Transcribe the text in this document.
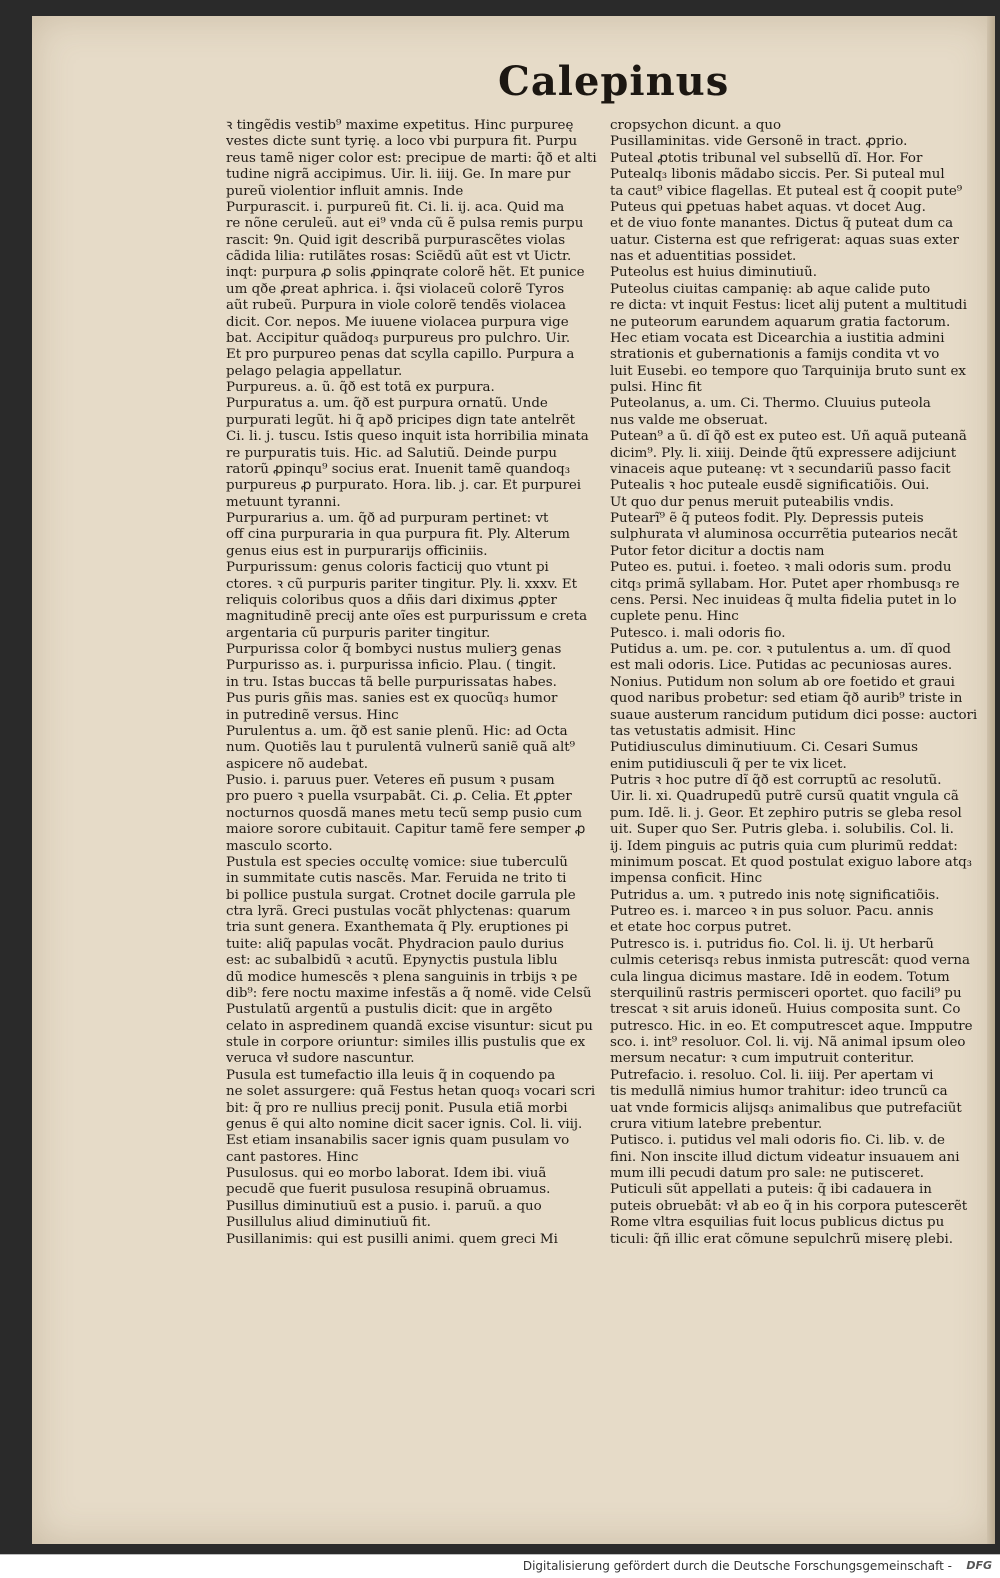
Calepinus
ꝛ tingẽdis vestib⁹ maxime expetitus. Hinc purpureę
vestes dicte sunt tyrię. a loco vbi purpura fit. Purpu
reus tamẽ niger color est: precipue de marti: q̃ð et alti
tudine nigrã accipimus. Uir. li. iiij. Ge. In mare pur
pureũ violentior influit amnis. Inde
Purpurascit. i. purpureũ fit. Ci. li. ij. aca. Quid ma
re nõne ceruleũ. aut ei⁹ vnda cũ ẽ pulsa remis purpu
rascit: Ꝯn. Quid igit describã purpurascẽtes violas
cãdida lilia: rutilãtes rosas: Sciẽdũ aũt est vt Uictr.
inqt: purpura ꝓ solis ꝓpinqrate colorẽ hẽt. Et punice
um qðe ꝓreat aphrica. i. q̃si violaceũ colorẽ Tyros
aũt rubeũ. Purpura in viole colorẽ tendẽs violacea
dicit. Cor. nepos. Me iuuene violacea purpura vige
bat. Accipitur quãdoq₃ purpureus pro pulchro. Uir.
Et pro purpureo penas dat scylla capillo. Purpura a
pelago pelagia appellatur.
Purpureus. a. ũ. q̃ð est totã ex purpura.
Purpuratus a. um. q̃ð est purpura ornatũ. Unde
purpurati legũt. hi q̃ apð pricipes dign tate antelrẽt
Ci. li. j. tuscu. Istis queso inquit ista horribilia minata
re purpuratis tuis. Hic. ad Salutiũ. Deinde purpu
ratorũ ꝓpinqu⁹ socius erat. Inuenit tamẽ quandoq₃
purpureus ꝓ purpurato. Hora. lib. j. car. Et purpurei
metuunt tyranni.
Purpurarius a. um. q̃ð ad purpuram pertinet: vt
off cina purpuraria in qua purpura fit. Ply. Alterum
genus eius est in purpurarijs officiniis.
Purpurissum: genus coloris facticij quo vtunt pi
ctores. ꝛ cũ purpuris pariter tingitur. Ply. li. xxxv. Et
reliquis coloribus quos a dñis dari diximus ꝓpter
magnitudinẽ precij ante oĩes est purpurissum e creta
argentaria cũ purpuris pariter tingitur.
Purpurissa color q̃ bombyci nustus mulierꝫ genas
Purpurisso as. i. purpurissa inficio. Plau. ( tingit.
in tru. Istas buccas tã belle purpurissatas habes.
Pus puris gñis mas. sanies est ex quocũq₃ humor
in putredinẽ versus. Hinc
Purulentus a. um. q̃ð est sanie plenũ. Hic: ad Octa
num. Quotiẽs lau t purulentã vulnerũ saniẽ quã alt⁹
aspicere nõ audebat.
Pusio. i. paruus puer. Veteres eñ pusum ꝛ pusam
pro puero ꝛ puella vsurpabãt. Ci. ꝓ. Celia. Et ꝓpter
nocturnos quosdã manes metu tecũ semp pusio cum
maiore sorore cubitauit. Capitur tamẽ fere semper ꝓ
masculo scorto.
Pustula est species occultę vomice: siue tuberculũ
in summitate cutis nascẽs. Mar. Feruida ne trito ti
bi pollice pustula surgat. Crotnet docile garrula ple
ctra lyrã. Greci pustulas vocãt phlyctenas: quarum
tria sunt genera. Exanthemata q̃ Ply. eruptiones pi
tuite: aliq̃ papulas vocãt. Phydracion paulo durius
est: ac subalbidũ ꝛ acutũ. Epynyctis pustula liblu
dũ modice humescẽs ꝛ plena sanguinis in trbijs ꝛ pe
dib⁹: fere noctu maxime infestãs a q̃ nomẽ. vide Celsũ
Pustulatũ argentũ a pustulis dicit: que in argẽto
celato in aspredinem quandã excise visuntur: sicut pu
stule in corpore oriuntur: similes illis pustulis que ex
veruca vł sudore nascuntur.
Pusula est tumefactio illa leuis q̃ in coquendo pa
ne solet assurgere: quã Festus hetan quoq₃ vocari scri
bit: q̃ pro re nullius precij ponit. Pusula etiã morbi
genus ẽ qui alto nomine dicit sacer ignis. Col. li. viij.
Est etiam insanabilis sacer ignis quam pusulam vo
cant pastores. Hinc
Pusulosus. qui eo morbo laborat. Idem ibi. viuã
pecudẽ que fuerit pusulosa resupinã obruamus.
Pusillus diminutiuũ est a pusio. i. paruũ. a quo
Pusillulus aliud diminutiuũ fit.
Pusillanimis: qui est pusilli animi. quem greci Mi
cropsychon dicunt. a quo
Pusillaminitas. vide Gersonẽ in tract. ꝓprio.
Puteal ꝓtotis tribunal vel subsellũ dĩ. Hor. For
Putealq₃ libonis mãdabo siccis. Per. Si puteal mul
ta caut⁹ vibice flagellas. Et puteal est q̃ coopit pute⁹
Puteus qui ꝑpetuas habet aquas. vt docet Aug.
et de viuo fonte manantes. Dictus q̃ puteat dum ca
uatur. Cisterna est que refrigerat: aquas suas exter
nas et aduentitias possidet.
Puteolus est huius diminutiuũ.
Puteolus ciuitas campanię: ab aque calide puto
re dicta: vt inquit Festus: licet alij putent a multitudi
ne puteorum earundem aquarum gratia factorum.
Hec etiam vocata est Dicearchia a iustitia admini
strationis et gubernationis a famijs condita vt vo
luit Eusebi. eo tempore quo Tarquinija bruto sunt ex
pulsi. Hinc fit
Puteolanus, a. um. Ci. Thermo. Cluuius puteola
nus valde me obseruat.
Putean⁹ a ũ. dĩ q̃ð est ex puteo est. Uñ aquã puteanã
dicim⁹. Ply. li. xiiij. Deinde q̃tũ expressere adijciunt
vinaceis aque puteanę: vt ꝛ secundariũ passo facit
Putealis ꝛ hoc puteale eusdẽ significatiõis. Oui.
Ut quo dur penus meruit puteabilis vndis.
Putearĩ⁹ ẽ q̃ puteos fodit. Ply. Depressis puteis
sulphurata vł aluminosa occurrẽtia putearios necãt
Putor fetor dicitur a doctis nam
Puteo es. putui. i. foeteo. ꝛ mali odoris sum. produ
citq₃ primã syllabam. Hor. Putet aper rhombusq₃ re
cens. Persi. Nec inuideas q̃ multa fidelia putet in lo
cuplete penu. Hinc
Putesco. i. mali odoris fio.
Putidus a. um. pe. cor. ꝛ putulentus a. um. dĩ quod
est mali odoris. Lice. Putidas ac pecuniosas aures.
Nonius. Putidum non solum ab ore foetido et graui
quod naribus probetur: sed etiam q̃ð aurib⁹ triste in
suaue austerum rancidum putidum dici posse: auctori
tas vetustatis admisit. Hinc
Putidiusculus diminutiuum. Ci. Cesari Sumus
enim putidiusculi q̃ per te vix licet.
Putris ꝛ hoc putre dĩ q̃ð est corruptũ ac resolutũ.
Uir. li. xi. Quadrupedũ putrẽ cursũ quatit vngula cã
pum. Idẽ. li. j. Geor. Et zephiro putris se gleba resol
uit. Super quo Ser. Putris gleba. i. solubilis. Col. li.
ij. Idem pinguis ac putris quia cum plurimũ reddat:
minimum poscat. Et quod postulat exiguo labore atq₃
impensa conficit. Hinc
Putridus a. um. ꝛ putredo inis notę significatiõis.
Putreo es. i. marceo ꝛ in pus soluor. Pacu. annis
et etate hoc corpus putret.
Putresco is. i. putridus fio. Col. li. ij. Ut herbarũ
culmis ceterisq₃ rebus inmista putrescãt: quod verna
cula lingua dicimus mastare. Idẽ in eodem. Totum
sterquilinũ rastris permisceri oportet. quo facili⁹ pu
trescat ꝛ sit aruis idoneũ. Huius composita sunt. Co
putresco. Hic. in eo. Et computrescet aque. Impputre
sco. i. int⁹ resoluor. Col. li. vij. Nã animal ipsum oleo
mersum necatur: ꝛ cum imputruit conteritur.
Putrefacio. i. resoluo. Col. li. iiij. Per apertam vi
tis medullã nimius humor trahitur: ideo truncũ ca
uat vnde formicis alijsq₃ animalibus que putrefaciũt
crura vitium latebre prebentur.
Putisco. i. putidus vel mali odoris fio. Ci. lib. v. de
fini. Non inscite illud dictum videatur insuauem ani
mum illi pecudi datum pro sale: ne putisceret.
Puticuli sũt appellati a puteis: q̃ ibi cadauera in
puteis obruebãt: vł ab eo q̃ in his corpora putescerẽt
Rome vltra esquilias fuit locus publicus dictus pu
ticuli: q̃ñ illic erat cõmune sepulchrũ miserę plebi.
Digitalisierung gefördert durch die Deutsche Forschungsgemeinschaft - DFG
